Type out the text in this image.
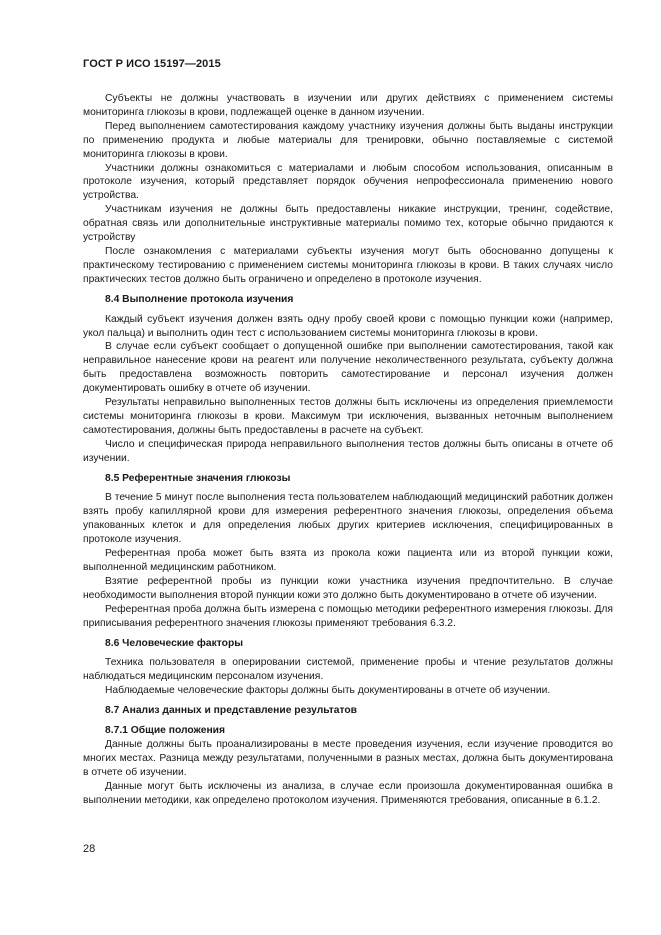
ГОСТ Р ИСО 15197—2015

Субъекты не должны участвовать в изучении или других действиях с применением системы мониторинга глюкозы в крови, подлежащей оценке в данном изучении.

Перед выполнением самотестирования каждому участнику изучения должны быть выданы инструкции по применению продукта и любые материалы для тренировки, обычно поставляемые с системой мониторинга глюкозы в крови.

Участники должны ознакомиться с материалами и любым способом использования, описанным в протоколе изучения, который представляет порядок обучения непрофессионала применению нового устройства.

Участникам изучения не должны быть предоставлены никакие инструкции, тренинг, содействие, обратная связь или дополнительные инструктивные материалы помимо тех, которые обычно придаются к устройству

После ознакомления с материалами субъекты изучения могут быть обоснованно допущены к практическому тестированию с применением системы мониторинга глюкозы в крови. В таких случаях число практических тестов должно быть ограничено и определено в протоколе изучения.

8.4 Выполнение протокола изучения

Каждый субъект изучения должен взять одну пробу своей крови с помощью пункции кожи (например, укол пальца) и выполнить один тест с использованием системы мониторинга глюкозы в крови.

В случае если субъект сообщает о допущенной ошибке при выполнении самотестирования, такой как неправильное нанесение крови на реагент или получение неколичественного результата, субъекту должна быть предоставлена возможность повторить самотестирование и персонал изучения должен документировать ошибку в отчете об изучении.

Результаты неправильно выполненных тестов должны быть исключены из определения приемлемости системы мониторинга глюкозы в крови. Максимум три исключения, вызванных неточным выполнением самотестирования, должны быть предоставлены в расчете на субъект.

Число и специфическая природа неправильного выполнения тестов должны быть описаны в отчете об изучении.

8.5 Референтные значения глюкозы

В течение 5 минут после выполнения теста пользователем наблюдающий медицинский работник должен взять пробу капиллярной крови для измерения референтного значения глюкозы, определения объема упакованных клеток и для определения любых других критериев исключения, специфицированных в протоколе изучения.

Референтная проба может быть взята из прокола кожи пациента или из второй пункции кожи, выполненной медицинским работником.

Взятие референтной пробы из пункции кожи участника изучения предпочтительно. В случае необходимости выполнения второй пункции кожи это должно быть документировано в отчете об изучении.

Референтная проба должна быть измерена с помощью методики референтного измерения глюкозы. Для приписывания референтного значения глюкозы применяют требования 6.3.2.

8.6 Человеческие факторы

Техника пользователя в оперировании системой, применение пробы и чтение результатов должны наблюдаться медицинским персоналом изучения.

Наблюдаемые человеческие факторы должны быть документированы в отчете об изучении.

8.7 Анализ данных и представление результатов

8.7.1 Общие положения

Данные должны быть проанализированы в месте проведения изучения, если изучение проводится во многих местах. Разница между результатами, полученными в разных местах, должна быть документирована в отчете об изучении.

Данные могут быть исключены из анализа, в случае если произошла документированная ошибка в выполнении методики, как определено протоколом изучения. Применяются требования, описанные в 6.1.2.

28
